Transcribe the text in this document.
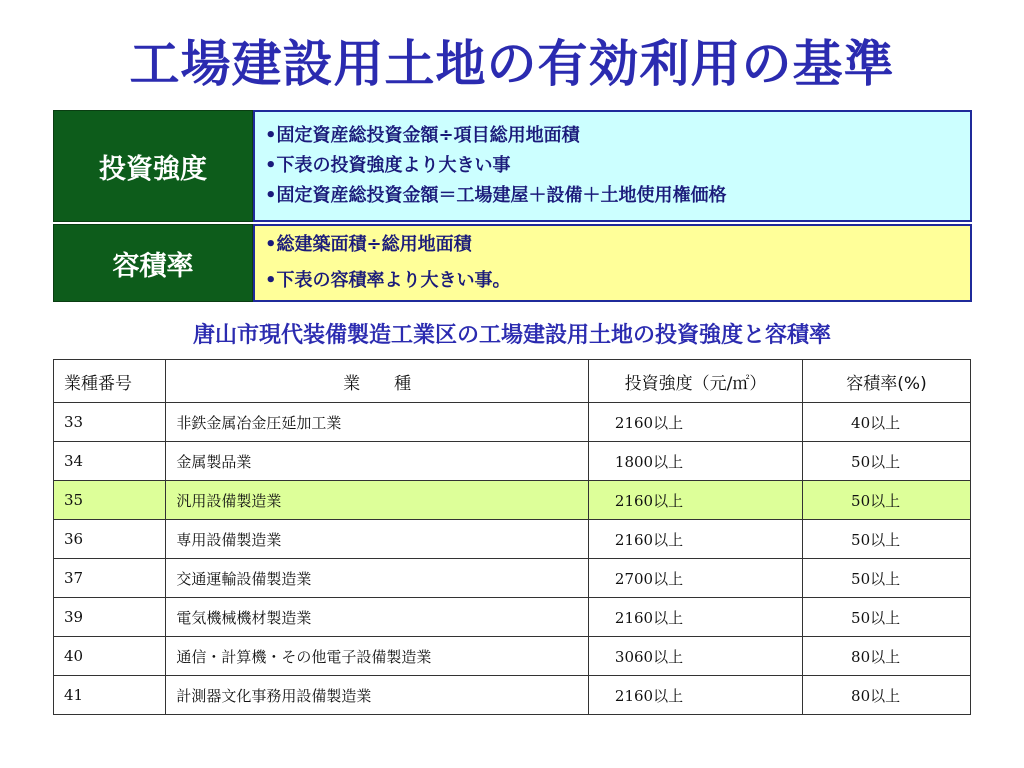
工場建設用土地の有効利用の基準
投資強度
• 固定資産総投資金額÷項目総用地面積
• 下表の投資強度より大きい事
• 固定資産総投資金額＝工場建屋＋設備＋土地使用権価格
容積率
• 総建築面積÷総用地面積
• 下表の容積率より大きい事。
唐山市現代装備製造工業区の工場建設用土地の投資強度と容積率
業種番号	業　　種	投資強度（元/㎡）	容積率(%)
33	非鉄金属冶金圧延加工業	2160以上	40以上
34	金属製品業	1800以上	50以上
35	汎用設備製造業	2160以上	50以上
36	専用設備製造業	2160以上	50以上
37	交通運輸設備製造業	2700以上	50以上
39	電気機械機材製造業	2160以上	50以上
40	通信・計算機・その他電子設備製造業	3060以上	80以上
41	計測器文化事務用設備製造業	2160以上	80以上
